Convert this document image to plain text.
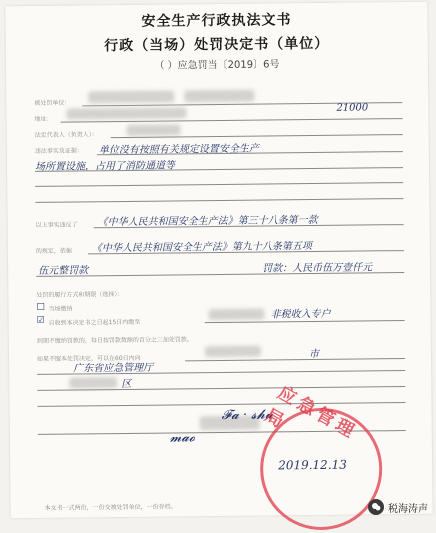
安全生产行政执法文书
行政（当场）处罚决定书（单位）
（ ）应急罚当〔2019〕6号
被处罚单位：
地址：
21000
法定代表人（负责人）：
违法事实及证据： 单位没有按照有关规定设置安全生产
场所置设施，占用了消防通道等
以上事实违反了 《中华人民共和国安全生产法》第三十八条第一款
的规定，依据 《中华人民共和国安全生产法》第九十八条第五项
伍元整罚款	罚款：人民币伍万壹仟元
处罚的履行方式和期限（选择）：
□ 当场缴纳
☑ 自收到本决定书之日起15日内缴至
非税收入专户
到期不缴纳罚款的，每日按罚款数额的百分之三加处罚款。
如果不服本处罚决定，可以在60日内向	市
广东省应急管理厅
区
𝓕𝓪 · 𝓼𝓱𝓾
𝓶𝓪𝓸	应急管理局
2019.12.13
本文书一式两份，一份交被处罚单位，一份存档。	税海涛声
